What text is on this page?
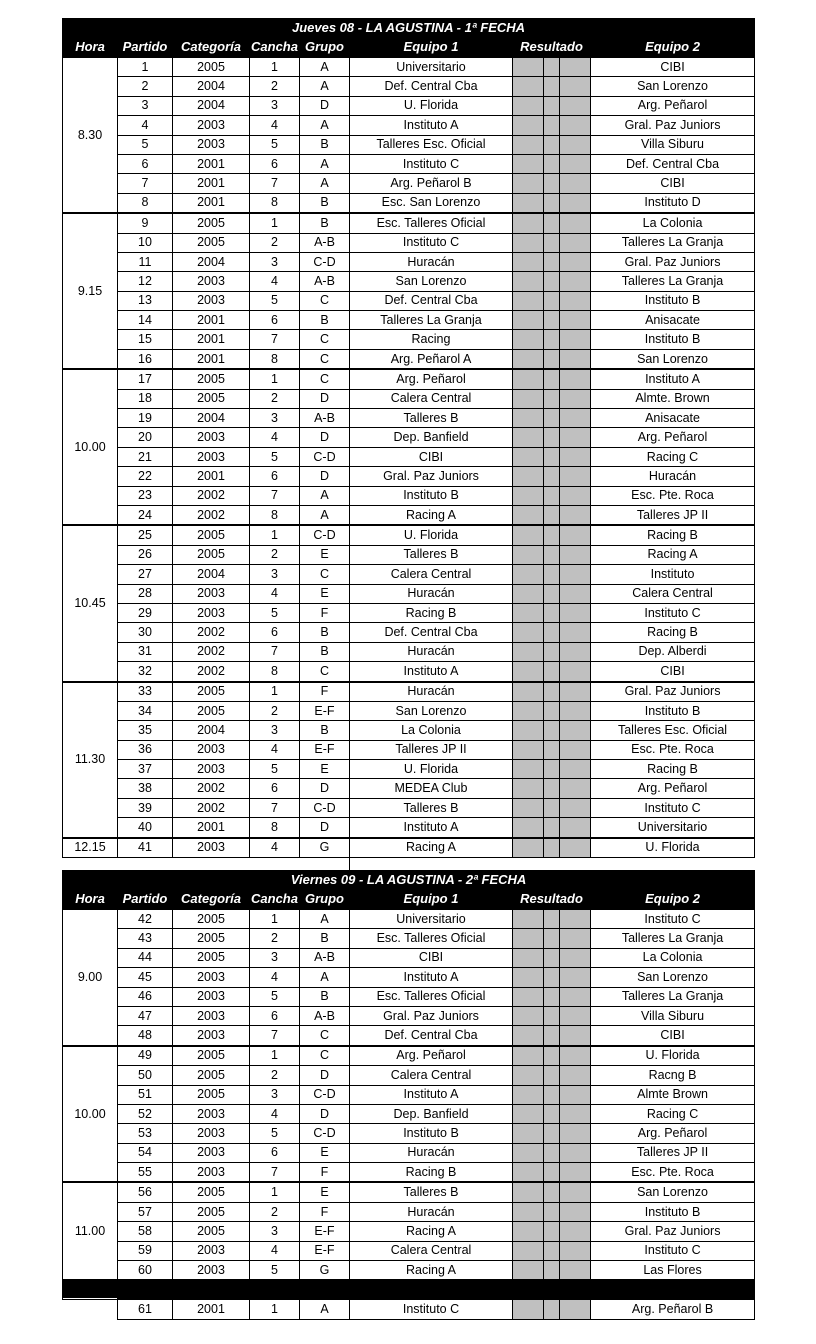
Jueves 08 - LA AGUSTINA - 1ª FECHA									
Hora	Partido	Categoría	Cancha	Grupo	Equipo 1	Resultado			Equipo 2
8.30	1	2005	1	A	Universitario				CIBI
	2	2004	2	A	Def. Central Cba				San Lorenzo
	3	2004	3	D	U. Florida				Arg. Peñarol
	4	2003	4	A	Instituto A				Gral. Paz Juniors
	5	2003	5	B	Talleres Esc. Oficial				Villa Siburu
	6	2001	6	A	Instituto C				Def. Central Cba
	7	2001	7	A	Arg. Peñarol B				CIBI
	8	2001	8	B	Esc. San Lorenzo				Instituto D
9.15	9	2005	1	B	Esc. Talleres Oficial				La Colonia
	10	2005	2	A-B	Instituto C				Talleres La Granja
	11	2004	3	C-D	Huracán				Gral. Paz Juniors
	12	2003	4	A-B	San Lorenzo				Talleres La Granja
	13	2003	5	C	Def. Central Cba				Instituto B
	14	2001	6	B	Talleres La Granja				Anisacate
	15	2001	7	C	Racing				Instituto B
	16	2001	8	C	Arg. Peñarol A				San Lorenzo
10.00	17	2005	1	C	Arg. Peñarol				Instituto A
	18	2005	2	D	Calera Central				Almte. Brown
	19	2004	3	A-B	Talleres B				Anisacate
	20	2003	4	D	Dep. Banfield				Arg. Peñarol
	21	2003	5	C-D	CIBI				Racing C
	22	2001	6	D	Gral. Paz Juniors				Huracán
	23	2002	7	A	Instituto B				Esc. Pte. Roca
	24	2002	8	A	Racing A				Talleres JP II
10.45	25	2005	1	C-D	U. Florida				Racing B
	26	2005	2	E	Talleres B				Racing A
	27	2004	3	C	Calera Central				Instituto
	28	2003	4	E	Huracán				Calera Central
	29	2003	5	F	Racing B				Instituto C
	30	2002	6	B	Def. Central Cba				Racing B
	31	2002	7	B	Huracán				Dep. Alberdi
	32	2002	8	C	Instituto A				CIBI
11.30	33	2005	1	F	Huracán				Gral. Paz Juniors
	34	2005	2	E-F	San Lorenzo				Instituto B
	35	2004	3	B	La Colonia				Talleres Esc. Oficial
	36	2003	4	E-F	Talleres JP II				Esc. Pte. Roca
	37	2003	5	E	U. Florida				Racing B
	38	2002	6	D	MEDEA Club				Arg. Peñarol
	39	2002	7	C-D	Talleres B				Instituto C
	40	2001	8	D	Instituto A				Universitario
12.15	41	2003	4	G	Racing A				U. Florida
Viernes 09 - LA AGUSTINA - 2ª FECHA									
Hora	Partido	Categoría	Cancha	Grupo	Equipo 1	Resultado			Equipo 2
9.00	42	2005	1	A	Universitario				Instituto C
	43	2005	2	B	Esc. Talleres Oficial				Talleres La Granja
	44	2005	3	A-B	CIBI				La Colonia
	45	2003	4	A	Instituto A				San Lorenzo
	46	2003	5	B	Esc. Talleres Oficial				Talleres La Granja
	47	2003	6	A-B	Gral. Paz Juniors				Villa Siburu
	48	2003	7	C	Def. Central Cba				CIBI
10.00	49	2005	1	C	Arg. Peñarol				U. Florida
	50	2005	2	D	Calera Central				Racng B
	51	2005	3	C-D	Instituto A				Almte Brown
	52	2003	4	D	Dep. Banfield				Racing C
	53	2003	5	C-D	Instituto B				Arg. Peñarol
	54	2003	6	E	Huracán				Talleres JP II
	55	2003	7	F	Racing B				Esc. Pte. Roca
11.00	56	2005	1	E	Talleres B				San Lorenzo
	57	2005	2	F	Huracán				Instituto B
	58	2005	3	E-F	Racing A				Gral. Paz Juniors
	59	2003	4	E-F	Calera Central				Instituto C
	60	2003	5	G	Racing A				Las Flores

	61	2001	1	A	Instituto C				Arg. Peñarol B
